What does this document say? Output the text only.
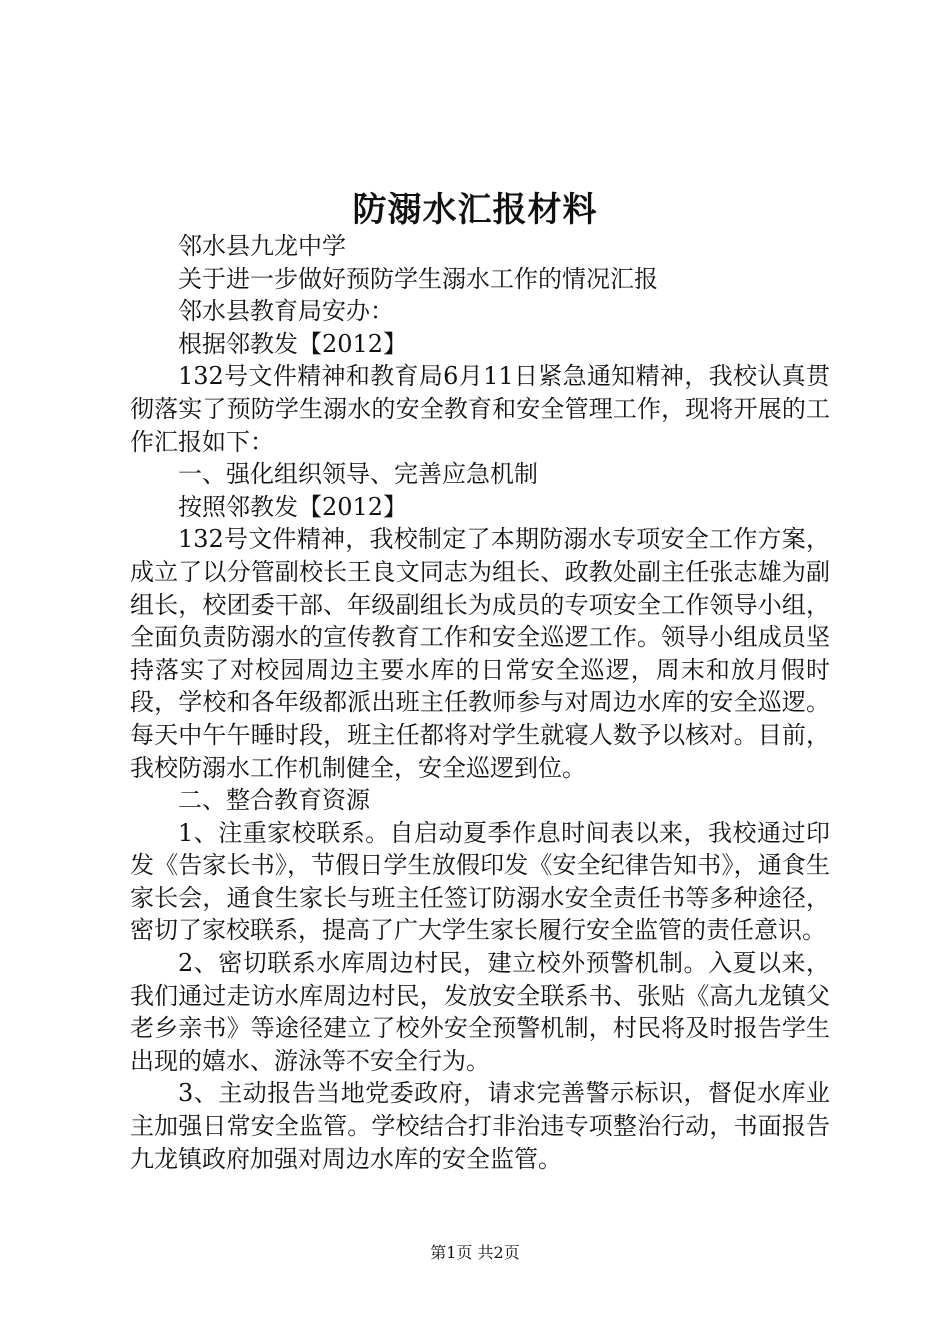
防溺水汇报材料

邻水县九龙中学

关于进一步做好预防学生溺水工作的情况汇报

邻水县教育局安办：

根据邻教发【2012】

132号文件精神和教育局6月11日紧急通知精神，我校认真贯彻落实了预防学生溺水的安全教育和安全管理工作，现将开展的工作汇报如下：

一、强化组织领导、完善应急机制

按照邻教发【2012】

132号文件精神，我校制定了本期防溺水专项安全工作方案，成立了以分管副校长王良文同志为组长、政教处副主任张志雄为副组长，校团委干部、年级副组长为成员的专项安全工作领导小组，全面负责防溺水的宣传教育工作和安全巡逻工作。领导小组成员坚持落实了对校园周边主要水库的日常安全巡逻，周末和放月假时段，学校和各年级都派出班主任教师参与对周边水库的安全巡逻。每天中午午睡时段，班主任都将对学生就寝人数予以核对。目前，我校防溺水工作机制健全，安全巡逻到位。

二、整合教育资源

1、注重家校联系。自启动夏季作息时间表以来，我校通过印发《告家长书》，节假日学生放假印发《安全纪律告知书》，通食生家长会，通食生家长与班主任签订防溺水安全责任书等多种途径，密切了家校联系，提高了广大学生家长履行安全监管的责任意识。

2、密切联系水库周边村民，建立校外预警机制。入夏以来，我们通过走访水库周边村民，发放安全联系书、张贴《高九龙镇父老乡亲书》等途径建立了校外安全预警机制，村民将及时报告学生出现的嬉水、游泳等不安全行为。

3、主动报告当地党委政府，请求完善警示标识，督促水库业主加强日常安全监管。学校结合打非治违专项整治行动，书面报告九龙镇政府加强对周边水库的安全监管。

第1页 共2页
